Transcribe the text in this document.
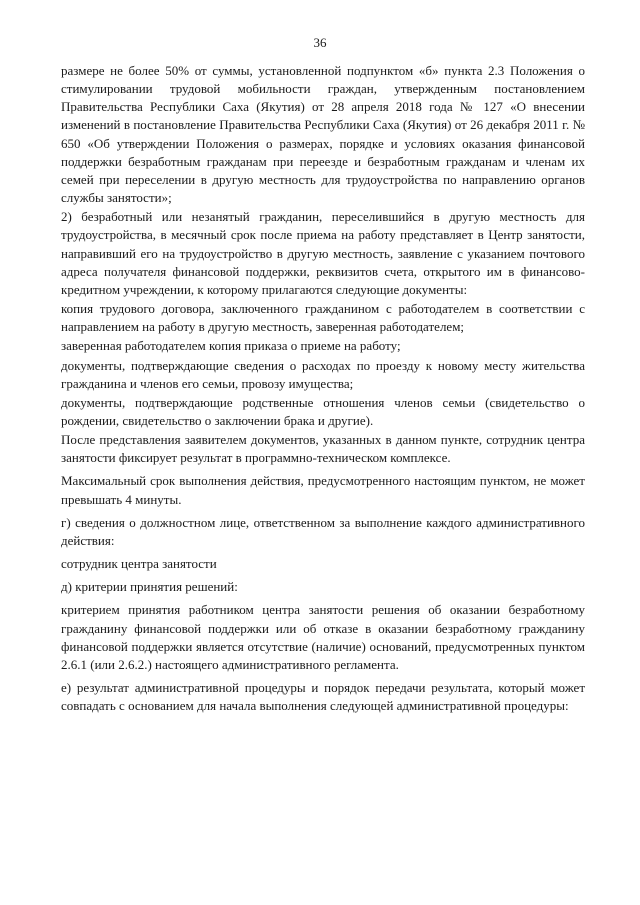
36

размере не более 50% от суммы, установленной подпунктом «б» пункта 2.3 Положения о стимулировании трудовой мобильности граждан, утвержденным постановлением Правительства Республики Саха (Якутия) от 28 апреля 2018 года № 127 «О внесении изменений в постановление Правительства Республики Саха (Якутия) от 26 декабря 2011 г. № 650 «Об утверждении Положения о размерах, порядке и условиях оказания финансовой поддержки безработным гражданам при переезде и безработным гражданам и членам их семей при переселении в другую местность для трудоустройства по направлению органов службы занятости»;

2) безработный или незанятый гражданин, переселившийся в другую местность для трудоустройства, в месячный срок после приема на работу представляет в Центр занятости, направивший его на трудоустройство в другую местность, заявление с указанием почтового адреса получателя финансовой поддержки, реквизитов счета, открытого им в финансово-кредитном учреждении, к которому прилагаются следующие документы:

копия трудового договора, заключенного гражданином с работодателем в соответствии с направлением на работу в другую местность, заверенная работодателем;

заверенная работодателем копия приказа о приеме на работу;

документы, подтверждающие сведения о расходах по проезду к новому месту жительства гражданина и членов его семьи, провозу имущества;

документы, подтверждающие родственные отношения членов семьи (свидетельство о рождении, свидетельство о заключении брака и другие).

После представления заявителем документов, указанных в данном пункте, сотрудник центра занятости фиксирует результат в программно-техническом комплексе.

Максимальный срок выполнения действия, предусмотренного настоящим пунктом, не может превышать 4 минуты.

г) сведения о должностном лице, ответственном за выполнение каждого административного действия:

сотрудник центра занятости

д) критерии принятия решений:

критерием принятия работником центра занятости решения об оказании безработному гражданину финансовой поддержки или об отказе в оказании безработному гражданину финансовой поддержки является отсутствие (наличие) оснований, предусмотренных пунктом 2.6.1 (или 2.6.2.) настоящего административного регламента.

е) результат административной процедуры и порядок передачи результата, который может совпадать с основанием для начала выполнения следующей административной процедуры:
